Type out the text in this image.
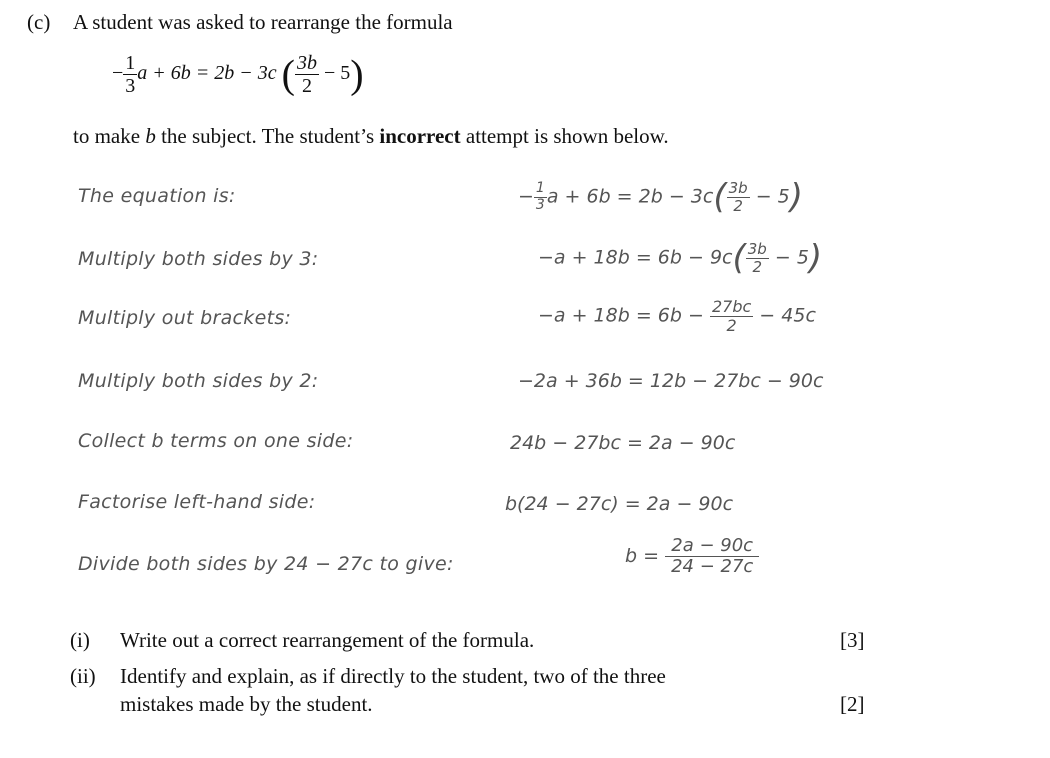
(c) A student was asked to rearrange the formula
− $\frac{1}{3}$ a + 6b = 2b − 3c ( $\frac{3b}{2} - 5$)
to make b the subject. The student’s incorrect attempt is shown below.
The equation is:
Multiply both sides by 3:
Multiply out brackets:
Multiply both sides by 2:
Collect b terms on one side:
Factorise left-hand side:
Divide both sides by 24 − 27c to give:
− $\frac{1}{3}$ $a + 6b = 2b - 3c( \frac{3b}{2} - 5)$
$-a + 18b = 6b - 9c( \frac{3b}{2} - 5)$
$-a + 18b = 6b - \frac{27bc}{2} - 45c$
−2a + 36b = 12b − 27bc − 90c
24b − 27bc = 2a − 90c
b(24 − 27c) = 2a − 90c
$b = \frac{2a - 90c}{24 - 27c}$
(i) Write out a correct rearrangement of the formula.	[3]
(ii) Identify and explain, as if directly to the student, two of the three
mistakes made by the student.	[2]
